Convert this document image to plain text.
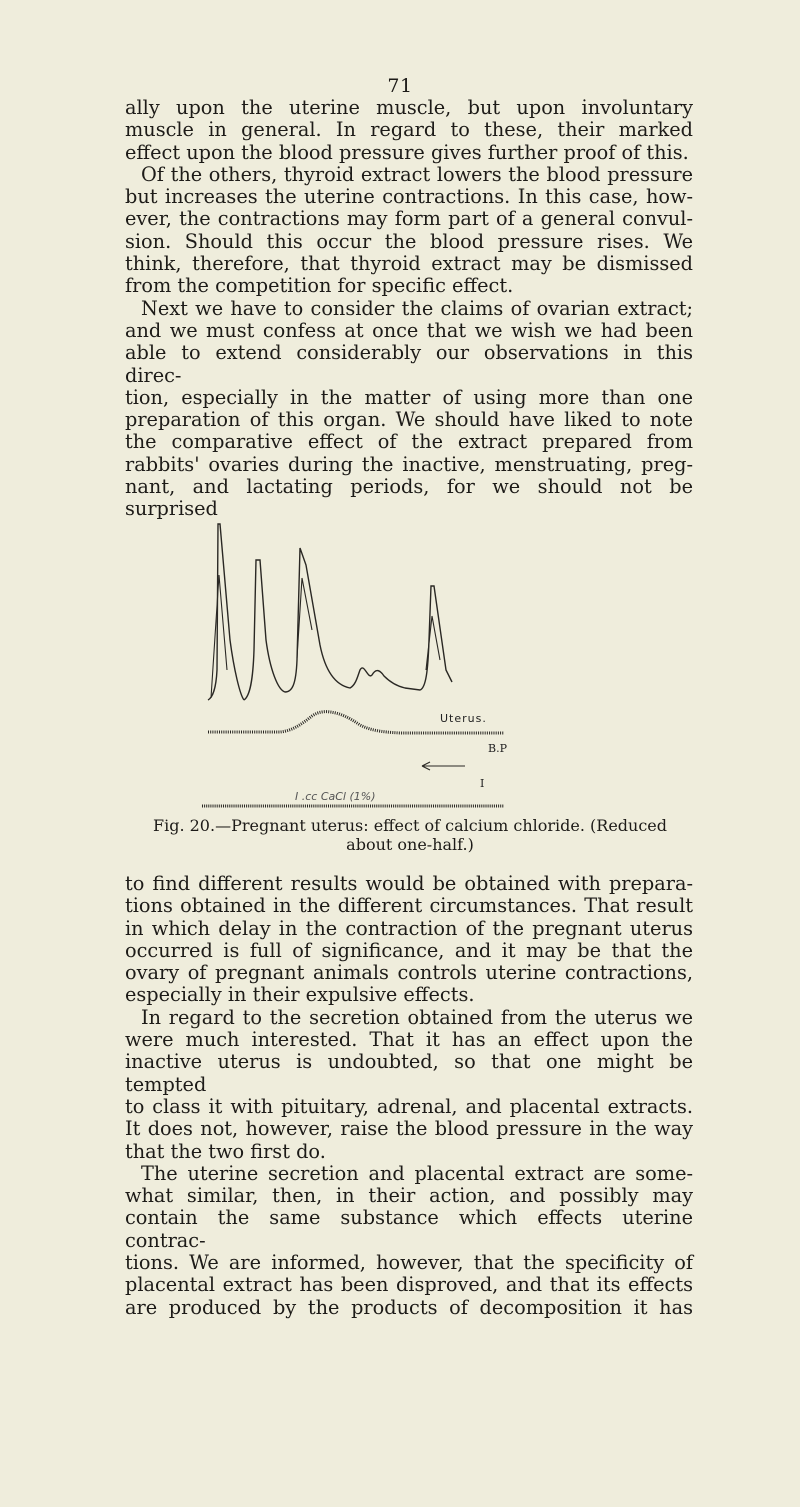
71

ally upon the uterine muscle, but upon involuntary

muscle in general. In regard to these, their marked

effect upon the blood pressure gives further proof of this.

Of the others, thyroid extract lowers the blood pressure

but increases the uterine contractions. In this case, how-

ever, the contractions may form part of a general convul-

sion. Should this occur the blood pressure rises. We

think, therefore, that thyroid extract may be dismissed

from the competition for specific effect.

Next we have to consider the claims of ovarian extract;

and we must confess at once that we wish we had been

able to extend considerably our observations in this direc-

tion, especially in the matter of using more than one

preparation of this organ. We should have liked to note

the comparative effect of the extract prepared from

rabbits' ovaries during the inactive, menstruating, preg-

nant, and lactating periods, for we should not be surprised

Uterus.
B.P
I
I .cc CaCl (1%)
Fig. 20.—Pregnant uterus: effect of calcium chloride. (Reduced
about one-half.)

to find different results would be obtained with prepara-

tions obtained in the different circumstances. That result

in which delay in the contraction of the pregnant uterus

occurred is full of significance, and it may be that the

ovary of pregnant animals controls uterine contractions,

especially in their expulsive effects.

In regard to the secretion obtained from the uterus we

were much interested. That it has an effect upon the

inactive uterus is undoubted, so that one might be tempted

to class it with pituitary, adrenal, and placental extracts.

It does not, however, raise the blood pressure in the way

that the two first do.

The uterine secretion and placental extract are some-

what similar, then, in their action, and possibly may

contain the same substance which effects uterine contrac-

tions. We are informed, however, that the specificity of

placental extract has been disproved, and that its effects

are produced by the products of decomposition it has
